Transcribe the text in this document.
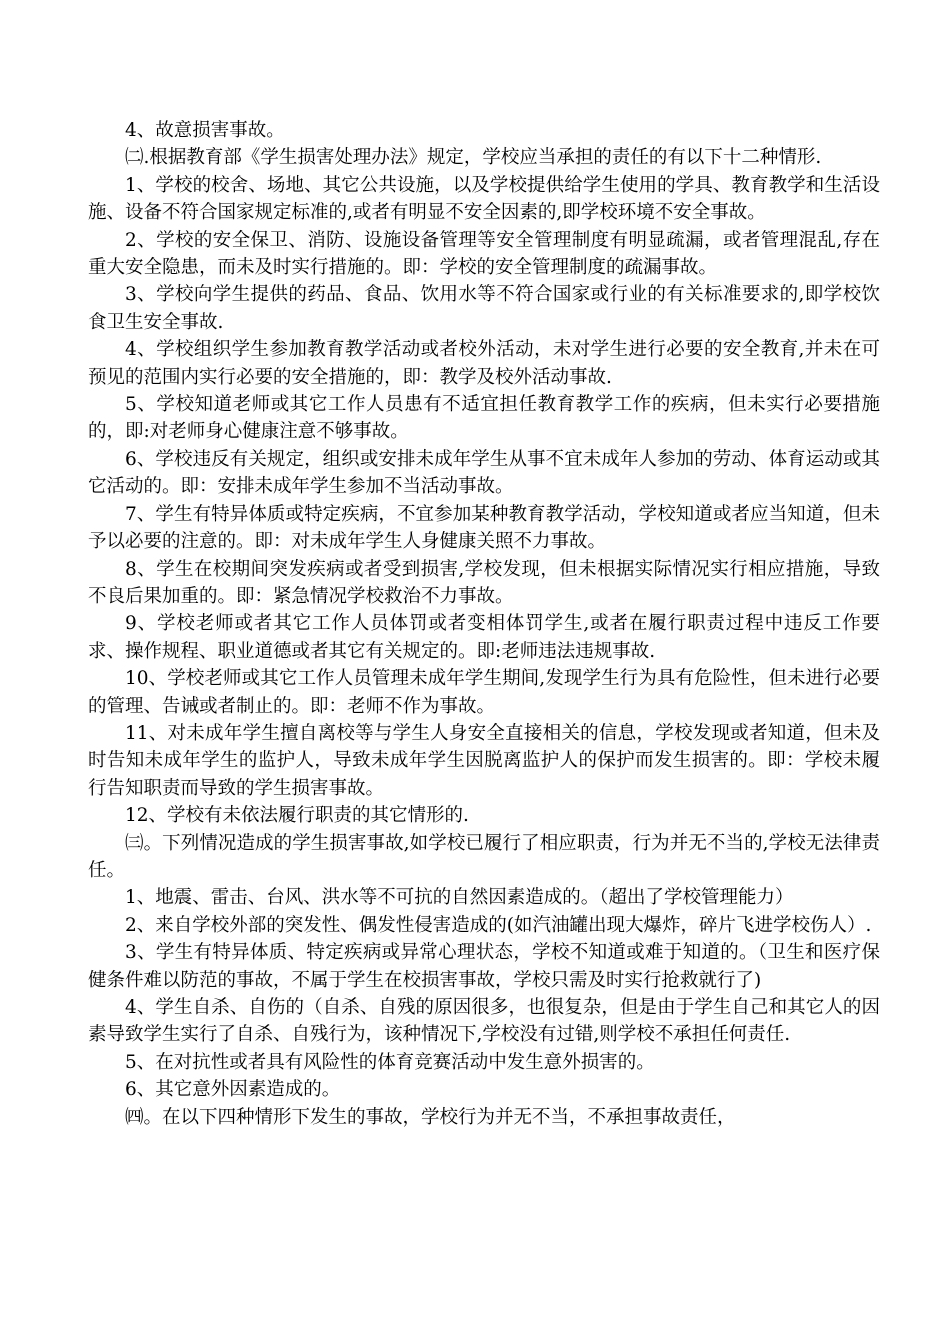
4、故意损害事故。

㈡.根据教育部《学生损害处理办法》规定，学校应当承担的责任的有以下十二种情形.

1、学校的校舍、场地、其它公共设施，以及学校提供给学生使用的学具、教育教学和生活设施、设备不符合国家规定标准的,或者有明显不安全因素的,即学校环境不安全事故。

2、学校的安全保卫、消防、设施设备管理等安全管理制度有明显疏漏，或者管理混乱,存在重大安全隐患，而未及时实行措施的。即：学校的安全管理制度的疏漏事故。

3、学校向学生提供的药品、食品、饮用水等不符合国家或行业的有关标准要求的,即学校饮食卫生安全事故.

4、学校组织学生参加教育教学活动或者校外活动，未对学生进行必要的安全教育,并未在可预见的范围内实行必要的安全措施的，即：教学及校外活动事故.

5、学校知道老师或其它工作人员患有不适宜担任教育教学工作的疾病，但未实行必要措施的，即:对老师身心健康注意不够事故。

6、学校违反有关规定，组织或安排未成年学生从事不宜未成年人参加的劳动、体育运动或其它活动的。即：安排未成年学生参加不当活动事故。

7、学生有特异体质或特定疾病，不宜参加某种教育教学活动，学校知道或者应当知道，但未予以必要的注意的。即：对未成年学生人身健康关照不力事故。

8、学生在校期间突发疾病或者受到损害,学校发现，但未根据实际情况实行相应措施，导致不良后果加重的。即：紧急情况学校救治不力事故。

9、学校老师或者其它工作人员体罚或者变相体罚学生,或者在履行职责过程中违反工作要求、操作规程、职业道德或者其它有关规定的。即:老师违法违规事故.

10、学校老师或其它工作人员管理未成年学生期间,发现学生行为具有危险性，但未进行必要的管理、告诫或者制止的。即：老师不作为事故。

11、对未成年学生擅自离校等与学生人身安全直接相关的信息，学校发现或者知道，但未及时告知未成年学生的监护人，导致未成年学生因脱离监护人的保护而发生损害的。即：学校未履行告知职责而导致的学生损害事故。

12、学校有未依法履行职责的其它情形的.

㈢。下列情况造成的学生损害事故,如学校已履行了相应职责，行为并无不当的,学校无法律责任。

1、地震、雷击、台风、洪水等不可抗的自然因素造成的。（超出了学校管理能力）

2、来自学校外部的突发性、偶发性侵害造成的(如汽油罐出现大爆炸，碎片飞进学校伤人）.

3、学生有特异体质、特定疾病或异常心理状态，学校不知道或难于知道的。（卫生和医疗保健条件难以防范的事故，不属于学生在校损害事故，学校只需及时实行抢救就行了)

4、学生自杀、自伤的（自杀、自残的原因很多，也很复杂，但是由于学生自己和其它人的因素导致学生实行了自杀、自残行为，该种情况下,学校没有过错,则学校不承担任何责任.

5、在对抗性或者具有风险性的体育竞赛活动中发生意外损害的。

6、其它意外因素造成的。

㈣。在以下四种情形下发生的事故，学校行为并无不当，不承担事故责任，
